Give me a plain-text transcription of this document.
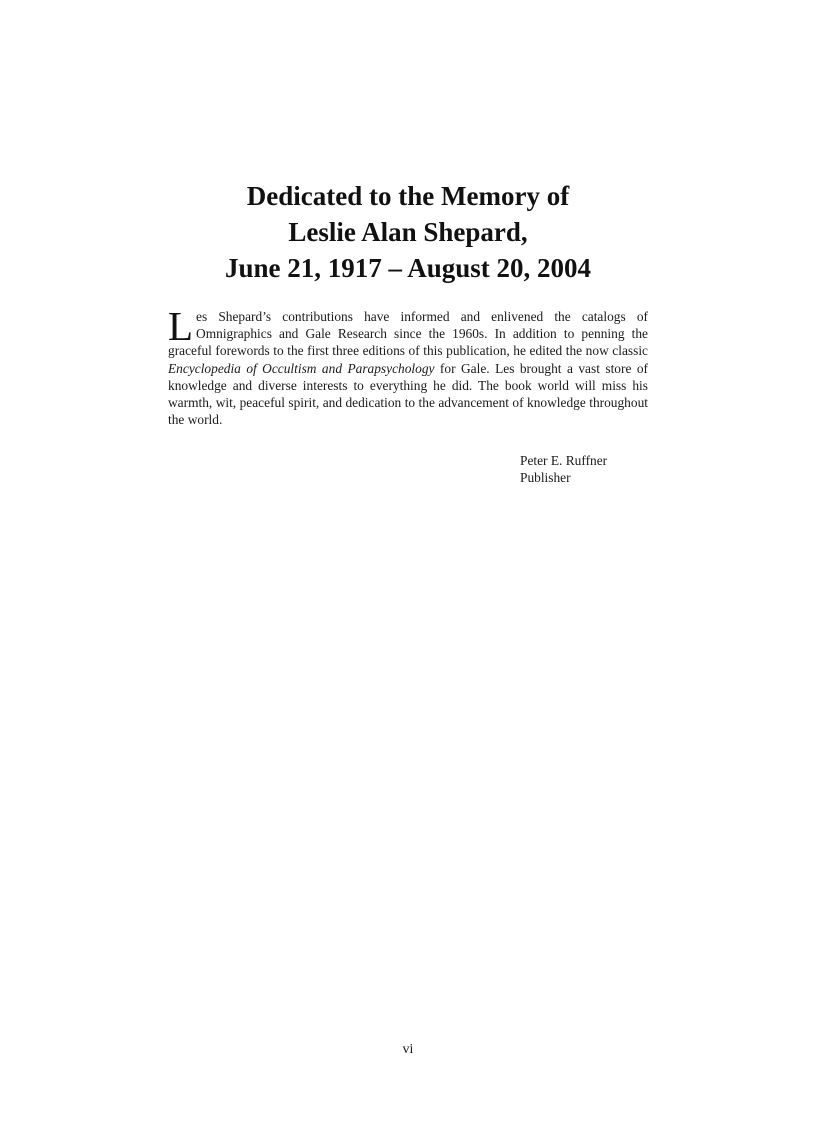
Dedicated to the Memory of
Leslie Alan Shepard,
June 21, 1917 – August 20, 2004
Les Shepard’s contributions have informed and enlivened the catalogs of Omnigraphics and Gale Research since the 1960s. In addition to penning the graceful forewords to the first three editions of this publication, he edited the now classic Encyclopedia of Occultism and Parapsychology for Gale. Les brought a vast store of knowledge and diverse interests to everything he did. The book world will miss his warmth, wit, peaceful spirit, and dedication to the advancement of knowledge throughout the world.
Peter E. Ruffner
Publisher
vi
